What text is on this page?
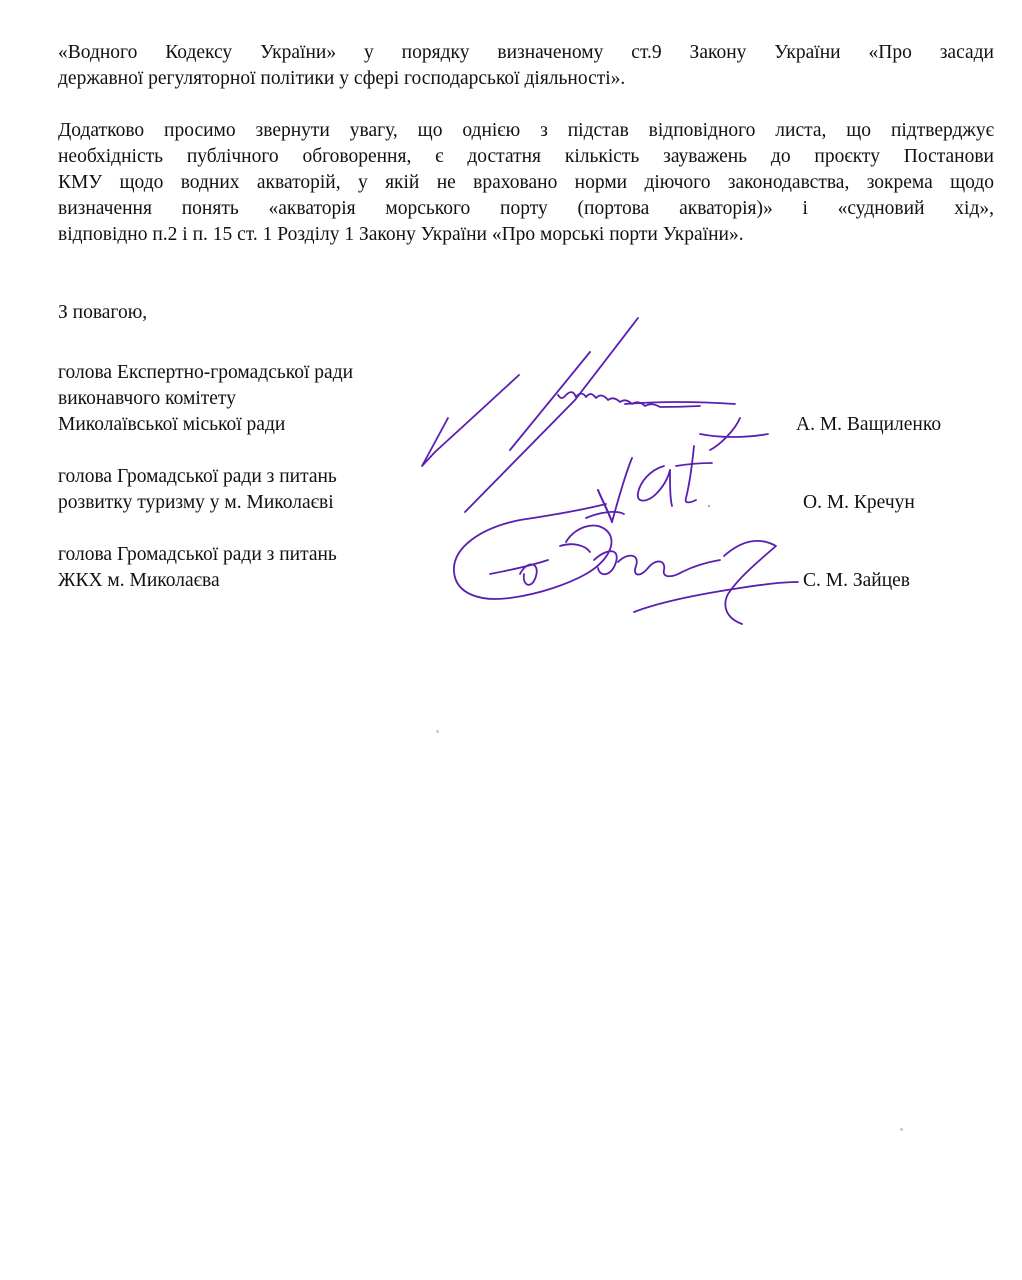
«Водного Кодексу України» у порядку визначеному ст.9 Закону України «Про засади
державної регуляторної політики у сфері господарської діяльності».

Додатково просимо звернути увагу, що однією з підстав відповідного листа, що підтверджує
необхідність публічного обговорення, є достатня кількість зауважень до проєкту Постанови
КМУ щодо водних акваторій, у якій не враховано норми діючого законодавства, зокрема щодо
визначення понять «акваторія морського порту (портова акваторія)» і «судновий хід»,
відповідно п.2 і п. 15 ст. 1 Розділу 1 Закону України «Про морські порти України».

З повагою,
голова Експертно-громадської ради
виконавчого комітету
Миколаївської міської ради	А. М. Ващиленко
голова Громадської ради з питань
розвитку туризму у м. Миколаєві	О. М. Кречун
голова Громадської ради з питань
ЖКХ м. Миколаєва	С. М. Зайцев
